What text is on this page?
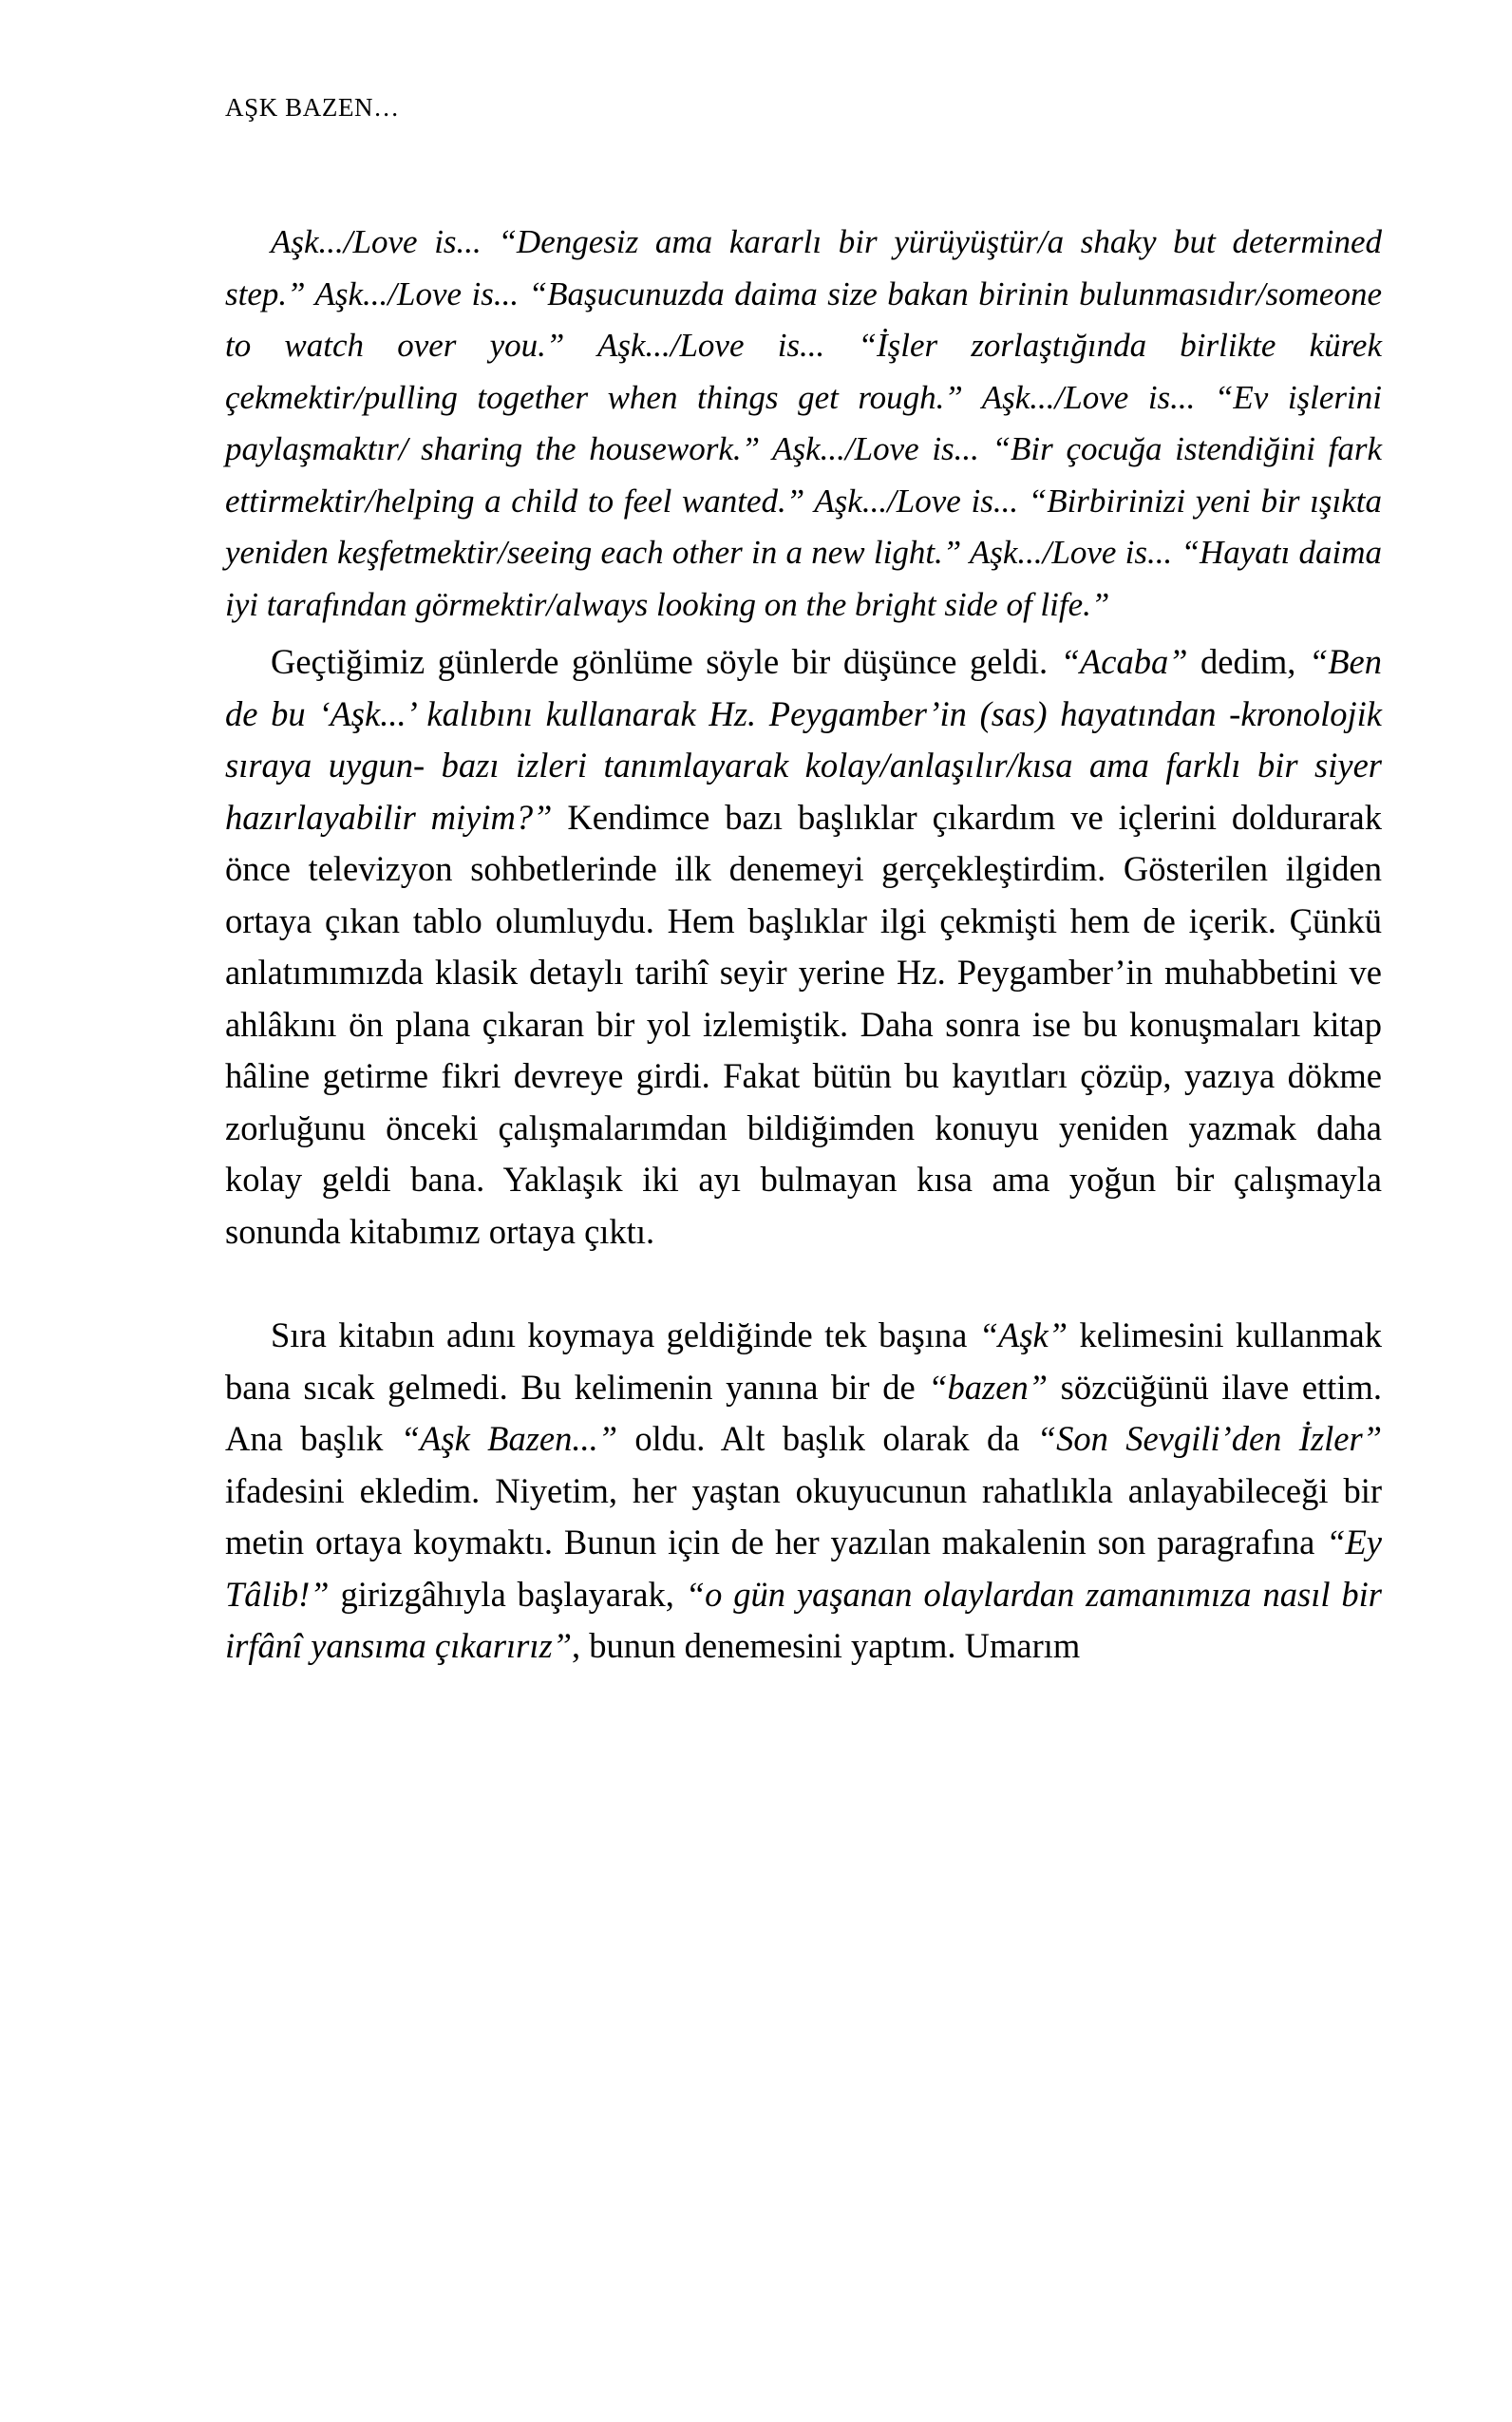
AŞK BAZEN…

Aşk.../Love is... “Dengesiz ama kararlı bir yürüyüştür/a shaky but determined step.” Aşk.../Love is... “Başucunuzda daima size bakan birinin bulunmasıdır/someone to watch over you.” Aşk.../Love is... “İşler zorlaştığında birlikte kürek çekmektir/pulling together when things get rough.” Aşk.../Love is... “Ev işlerini paylaşmaktır/ sharing the housework.” Aşk.../Love is... “Bir çocuğa istendiğini fark ettirmektir/helping a child to feel wanted.” Aşk.../Love is... “Birbirinizi yeni bir ışıkta yeniden keşfetmektir/seeing each other in a new light.” Aşk.../Love is... “Hayatı daima iyi tarafından görmektir/always looking on the bright side of life.”

Geçtiğimiz günlerde gönlüme söyle bir düşünce geldi. “Acaba” dedim, “Ben de bu ‘Aşk...’ kalıbını kullanarak Hz. Peygamber’in (sas) hayatından -kronolojik sıraya uygun- bazı izleri tanımlayarak kolay/anlaşılır/kısa ama farklı bir siyer hazırlayabilir miyim?” Kendimce bazı başlıklar çıkardım ve içlerini doldurarak önce televizyon sohbetlerinde ilk denemeyi gerçekleştirdim. Gösterilen ilgiden ortaya çıkan tablo olumluydu. Hem başlıklar ilgi çekmişti hem de içerik. Çünkü anlatımımızda klasik detaylı tarihî seyir yerine Hz. Peygamber’in muhabbetini ve ahlâkını ön plana çıkaran bir yol izlemiştik. Daha sonra ise bu konuşmaları kitap hâline getirme fikri devreye girdi. Fakat bütün bu kayıtları çözüp, yazıya dökme zorluğunu önceki çalışmalarımdan bildiğimden konuyu yeniden yazmak daha kolay geldi bana. Yaklaşık iki ayı bulmayan kısa ama yoğun bir çalışmayla sonunda kitabımız ortaya çıktı.

Sıra kitabın adını koymaya geldiğinde tek başına “Aşk” kelimesini kullanmak bana sıcak gelmedi. Bu kelimenin yanına bir de “bazen” sözcüğünü ilave ettim. Ana başlık “Aşk Bazen...” oldu. Alt başlık olarak da “Son Sevgili’den İzler” ifadesini ekledim. Niyetim, her yaştan okuyucunun rahatlıkla anlayabileceği bir metin ortaya koymaktı. Bunun için de her yazılan makalenin son paragrafına “Ey Tâlib!” girizgâhıyla başlayarak, “o gün yaşanan olaylardan zamanımıza nasıl bir irfânî yansıma çıkarırız”, bunun denemesini yaptım. Umarım
